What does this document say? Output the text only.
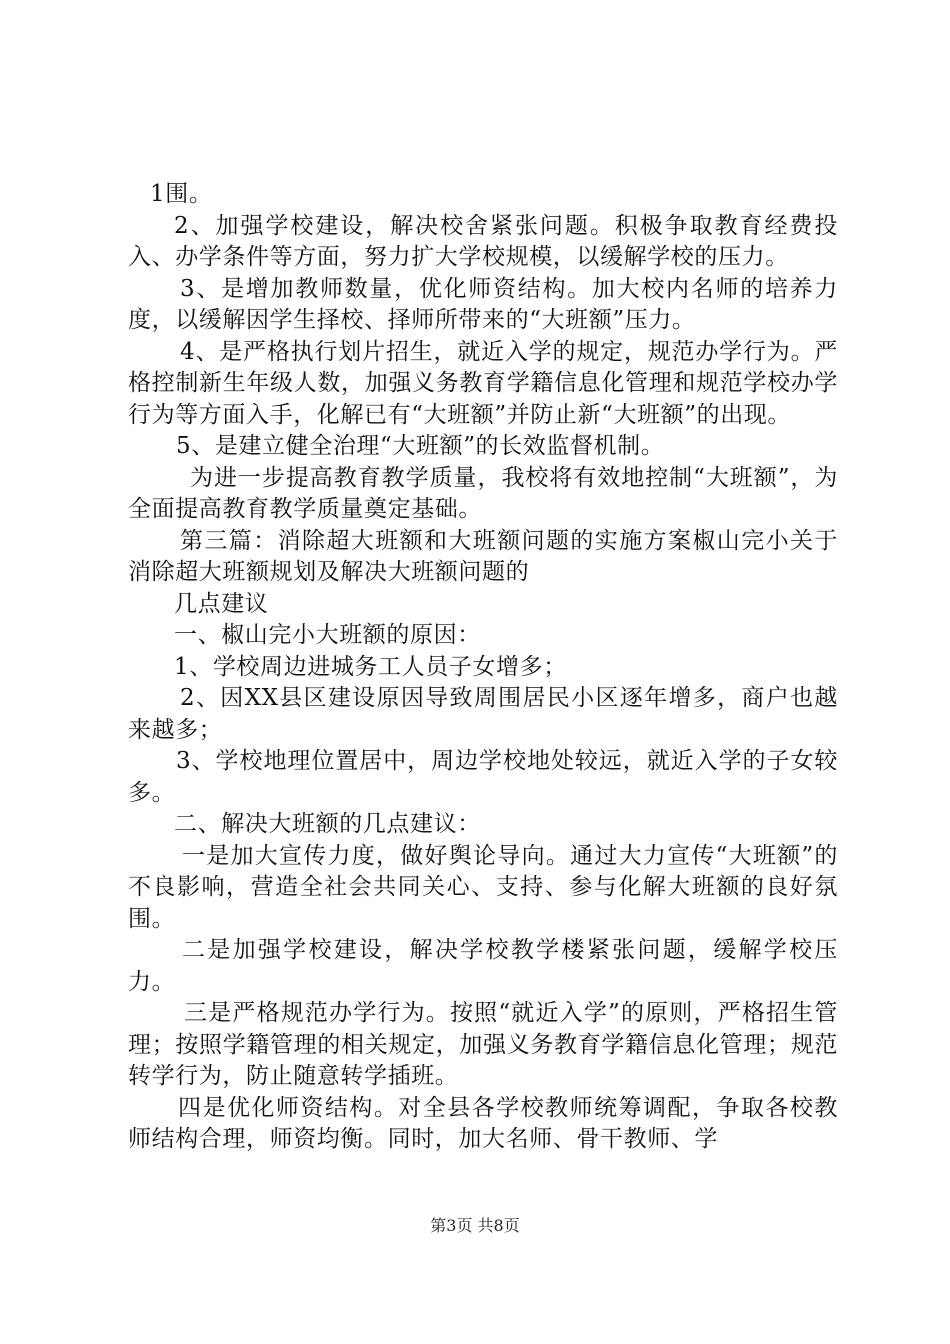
1围。

2、加强学校建设，解决校舍紧张问题。积极争取教育经费投入、办学条件等方面，努力扩大学校规模，以缓解学校的压力。

3、是增加教师数量，优化师资结构。加大校内名师的培养力度，以缓解因学生择校、择师所带来的“大班额”压力。

4、是严格执行划片招生，就近入学的规定，规范办学行为。严格控制新生年级人数，加强义务教育学籍信息化管理和规范学校办学行为等方面入手，化解已有“大班额”并防止新“大班额”的出现。

5、是建立健全治理“大班额”的长效监督机制。

为进一步提高教育教学质量，我校将有效地控制“大班额”，为全面提高教育教学质量奠定基础。

第三篇：消除超大班额和大班额问题的实施方案椒山完小关于消除超大班额规划及解决大班额问题的

几点建议

一、椒山完小大班额的原因：

1、学校周边进城务工人员子女增多；

2、因XX县区建设原因导致周围居民小区逐年增多，商户也越来越多；

3、学校地理位置居中，周边学校地处较远，就近入学的子女较多。

二、解决大班额的几点建议：

一是加大宣传力度，做好舆论导向。通过大力宣传“大班额”的不良影响，营造全社会共同关心、支持、参与化解大班额的良好氛围。

二是加强学校建设，解决学校教学楼紧张问题，缓解学校压力。

三是严格规范办学行为。按照“就近入学”的原则，严格招生管理；按照学籍管理的相关规定，加强义务教育学籍信息化管理；规范转学行为，防止随意转学插班。

四是优化师资结构。对全县各学校教师统筹调配，争取各校教师结构合理，师资均衡。同时，加大名师、骨干教师、学

第3页 共8页
